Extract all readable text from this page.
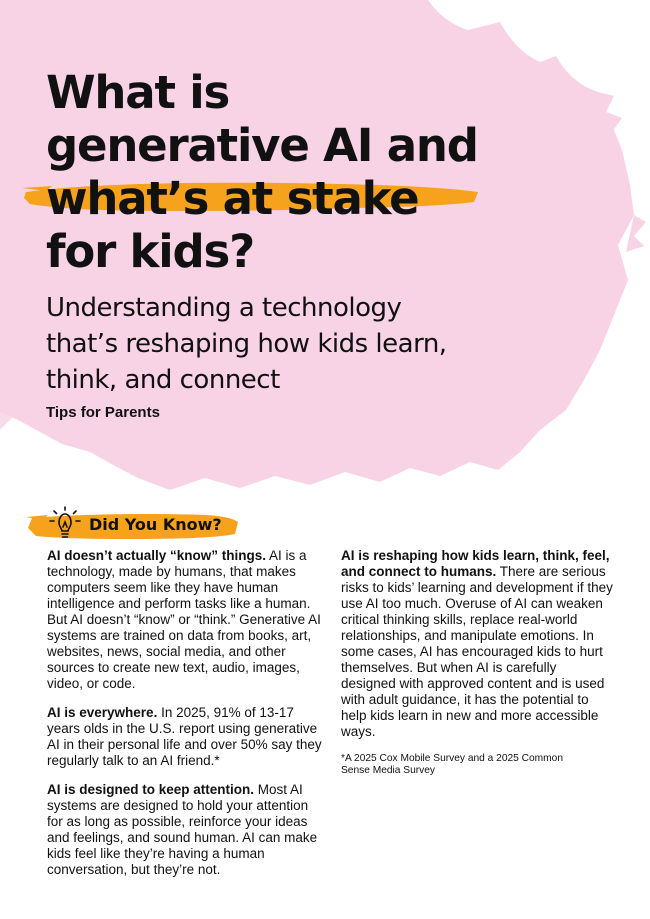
What is
generative AI and
what’s at stake
for kids?
Understanding a technology that’s reshaping how kids learn, think, and connect

Tips for Parents

Did You Know?

AI doesn’t actually “know” things. AI is a technology, made by humans, that makes computers seem like they have human intelligence and perform tasks like a human. But AI doesn’t “know” or “think.” Generative AI systems are trained on data from books, art, websites, news, social media, and other sources to create new text, audio, images, video, or code.

AI is everywhere. In 2025, 91% of 13-17 years olds in the U.S. report using generative AI in their personal life and over 50% say they regularly talk to an AI friend.*

AI is designed to keep attention. Most AI systems are designed to hold your attention for as long as possible, reinforce your ideas and feelings, and sound human. AI can make kids feel like they’re having a human conversation, but they’re not.

AI is reshaping how kids learn, think, feel, and connect to humans. There are serious risks to kids’ learning and development if they use AI too much. Overuse of AI can weaken critical thinking skills, replace real-world relationships, and manipulate emotions. In some cases, AI has encouraged kids to hurt themselves. But when AI is carefully designed with approved content and is used with adult guidance, it has the potential to help kids learn in new and more accessible ways.

*A 2025 Cox Mobile Survey and a 2025 Common Sense Media Survey
